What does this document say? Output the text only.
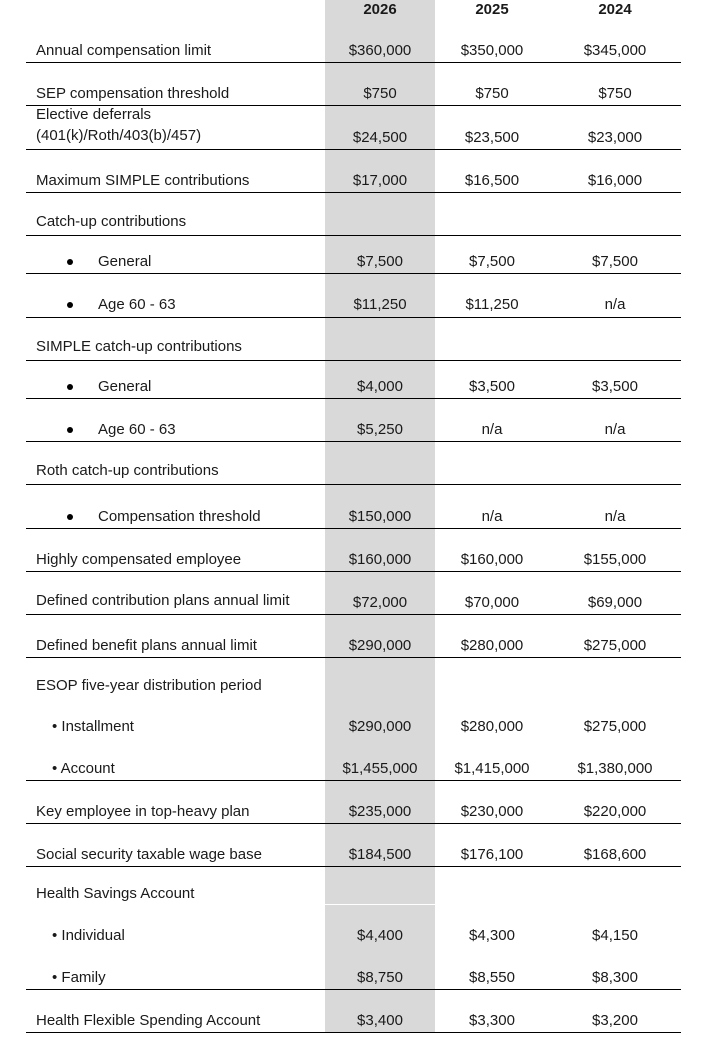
2026	2025	2024
Annual compensation limit	$360,000	$350,000	$345,000
SEP compensation threshold	$750	$750	$750
Elective deferrals (401(k)/Roth/403(b)/457)	$24,500	$23,500	$23,000
Maximum SIMPLE contributions	$17,000	$16,500	$16,000
Catch-up contributions
General	$7,500	$7,500	$7,500
Age 60 - 63	$11,250	$11,250	n/a
SIMPLE catch-up contributions
General	$4,000	$3,500	$3,500
Age 60 - 63	$5,250	n/a	n/a
Roth catch-up contributions
Compensation threshold	$150,000	n/a	n/a
Highly compensated employee	$160,000	$160,000	$155,000
Defined contribution plans annual limit	$72,000	$70,000	$69,000
Defined benefit plans annual limit	$290,000	$280,000	$275,000
ESOP five-year distribution period
• Installment	$290,000	$280,000	$275,000
• Account	$1,455,000	$1,415,000	$1,380,000
Key employee in top-heavy plan	$235,000	$230,000	$220,000
Social security taxable wage base	$184,500	$176,100	$168,600
Health Savings Account
• Individual	$4,400	$4,300	$4,150
• Family	$8,750	$8,550	$8,300
Health Flexible Spending Account	$3,400	$3,300	$3,200
